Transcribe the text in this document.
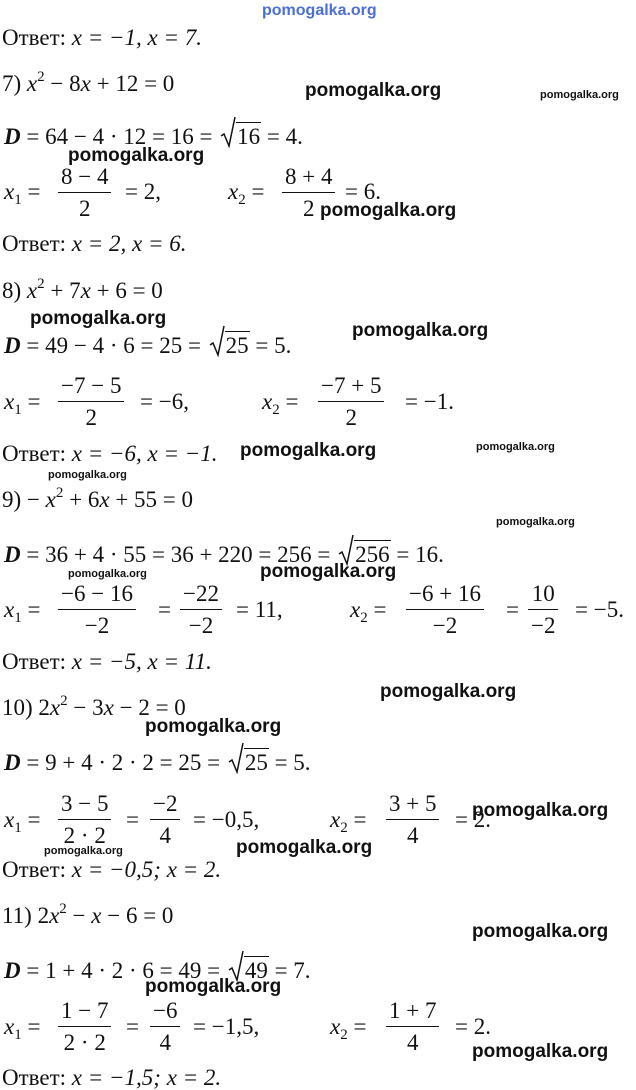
pomogalka.org
pomogalka.org	pomogalka.org
pomogalka.org
pomogalka.org
pomogalka.org
pomogalka.org
pomogalka.org	pomogalka.org
pomogalka.org
pomogalka.org
pomogalka.org
pomogalka.org
pomogalka.org
pomogalka.org
pomogalka.org
pomogalka.org	pomogalka.org
pomogalka.org
pomogalka.org
pomogalka.org
Ответ: x = −1, x = 7.
7) $x^2 - 8x + 12 = 0$
D = 64 − 4 · 12 = 16 =
16 = 4.
$x_1$ =
8 − 4
2
= 2,	$x_2$ =
8 + 4
2
= 6.
Ответ: x = 2, x = 6.
8) $x^2 + 7x + 6 = 0$
D = 49 − 4 · 6 = 25 =
25 = 5.
$x_1$ =
−7 − 5
2
= −6,	$x_2$ =
−7 + 5
2
= −1.
Ответ: x = −6, x = −1.
$9) - x^2 + 6x + 55 = 0$
D = 36 + 4 · 55 = 36 + 220 = 256 =
256 = 16.
$x_1$ =
−6 − 16
−2
=
−22
−2
= 11,	$x_2$ =
−6 + 16
−2
=
10
−2
= −5.
Ответ: x = −5, x = 11.
10) $2x^2 - 3x - 2 = 0$
D = 9 + 4 · 2 · 2 = 25 =
25 = 5.
$x_1$ =
3 − 5
2 · 2
=
−2
4
= −0,5,	$x_2$ =
3 + 5
4
= 2.
Ответ: x = −0,5; x = 2.
11) $2x^2 - x - 6 = 0$
D = 1 + 4 · 2 · 6 = 49 =
49 = 7.
$x_1$ =
1 − 7
2 · 2
=
−6
4
= −1,5,	$x_2$ =
1 + 7
4
= 2.
Ответ: x = −1,5; x = 2.
